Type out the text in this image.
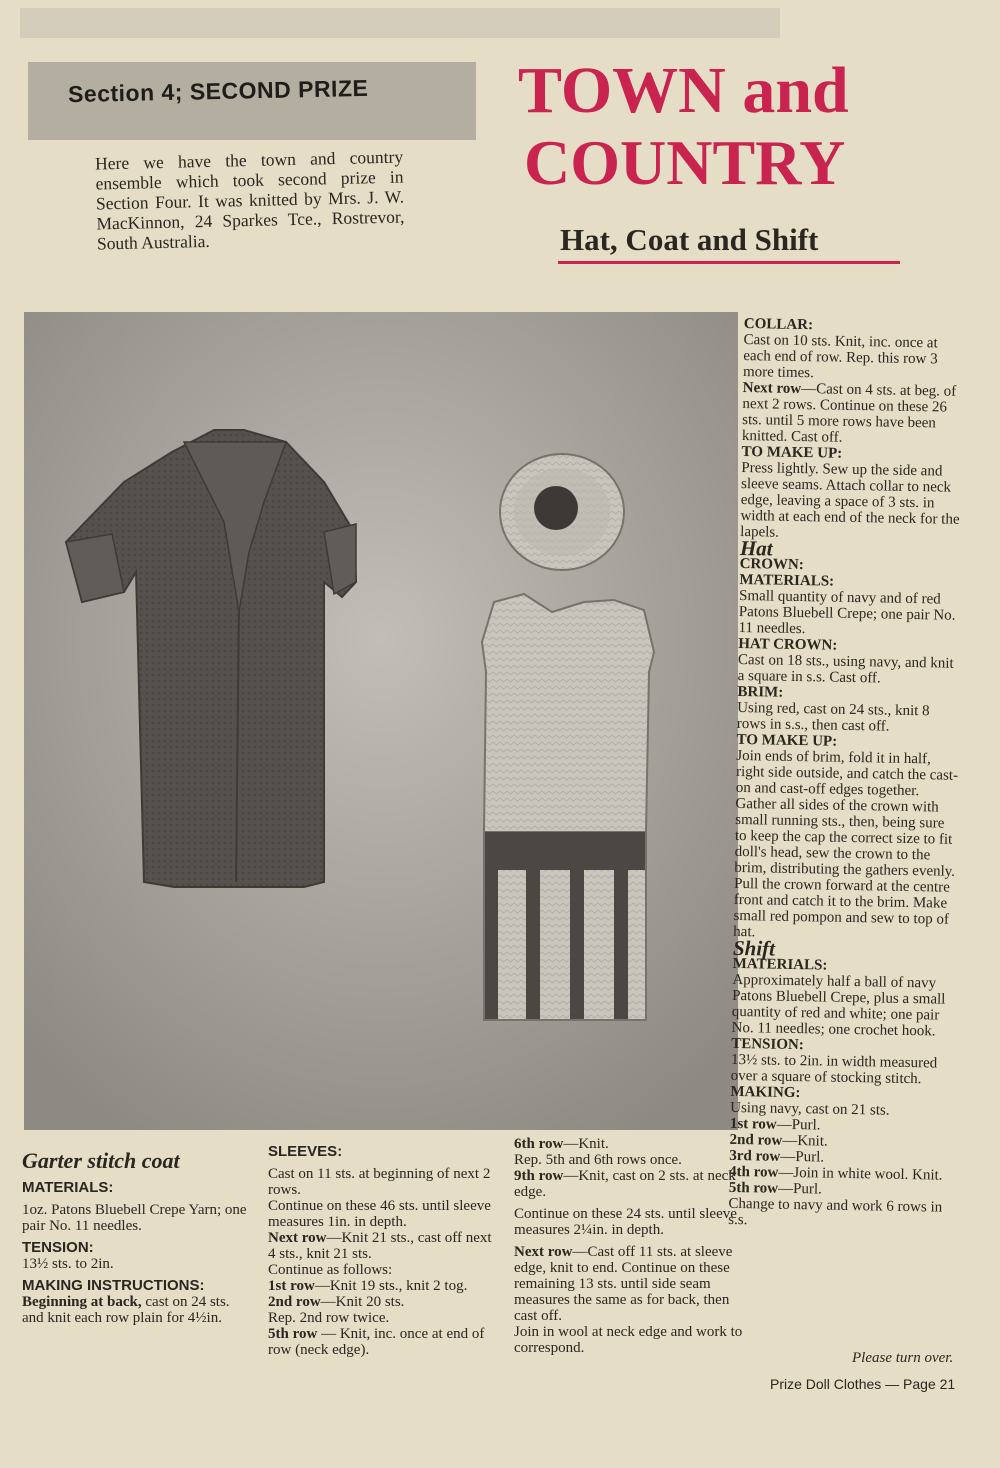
Section 4; SECOND PRIZE
Here we have the town and country ensemble which took second prize in Section Four. It was knitted by Mrs. J. W. MacKinnon, 24 Sparkes Tce., Rostrevor, South Australia.
TOWN and
COUNTRY
Hat, Coat and Shift
COLLAR:
Cast on 10 sts. Knit, inc. once at each end of row. Rep. this row 3 more times.
Next row—Cast on 4 sts. at beg. of next 2 rows. Continue on these 26 sts. until 5 more rows have been knitted. Cast off.
TO MAKE UP:
Press lightly. Sew up the side and sleeve seams. Attach collar to neck edge, leaving a space of 3 sts. in width at each end of the neck for the lapels.
Hat
CROWN:
MATERIALS:
Small quantity of navy and of red Patons Bluebell Crepe; one pair No. 11 needles.
HAT CROWN:
Cast on 18 sts., using navy, and knit a square in s.s. Cast off.
BRIM:
Using red, cast on 24 sts., knit 8 rows in s.s., then cast off.
TO MAKE UP:
Join ends of brim, fold it in half, right side outside, and catch the cast-on and cast-off edges together. Gather all sides of the crown with small running sts., then, being sure to keep the cap the correct size to fit doll's head, sew the crown to the brim, distributing the gathers evenly. Pull the crown forward at the centre front and catch it to the brim. Make small red pompon and sew to top of hat.
Shift
MATERIALS:
Approximately half a ball of navy Patons Bluebell Crepe, plus a small quantity of red and white; one pair No. 11 needles; one crochet hook.
TENSION:
13½ sts. to 2in. in width measured over a square of stocking stitch.
MAKING:
Using navy, cast on 21 sts.
1st row—Purl.
2nd row—Knit.
3rd row—Purl.
4th row—Join in white wool. Knit.
5th row—Purl.
Change to navy and work 6 rows in s.s.
Garter stitch coat
MATERIALS:
1oz. Patons Bluebell Crepe Yarn; one pair No. 11 needles.
TENSION:
13½ sts. to 2in.
MAKING INSTRUCTIONS:
Beginning at back, cast on 24 sts. and knit each row plain for 4½in.
SLEEVES:
Cast on 11 sts. at beginning of next 2 rows.
Continue on these 46 sts. until sleeve measures 1in. in depth.
Next row—Knit 21 sts., cast off next 4 sts., knit 21 sts.
Continue as follows:
1st row—Knit 19 sts., knit 2 tog.
2nd row—Knit 20 sts.
Rep. 2nd row twice.
5th row — Knit, inc. once at end of row (neck edge).
6th row—Knit.
Rep. 5th and 6th rows once.
9th row—Knit, cast on 2 sts. at neck edge.
Continue on these 24 sts. until sleeve measures 2¼in. in depth.
Next row—Cast off 11 sts. at sleeve edge, knit to end. Continue on these remaining 13 sts. until side seam measures the same as for back, then cast off.
Join in wool at neck edge and work to correspond.
Please turn over.
Prize Doll Clothes — Page 21
